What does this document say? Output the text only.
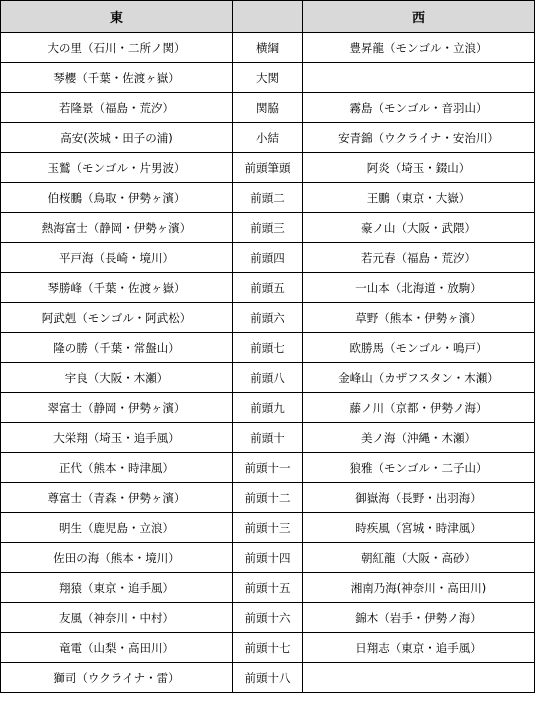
東		西
大の里（石川・二所ノ関）	横綱	豊昇龍（モンゴル・立浪）
琴櫻（千葉・佐渡ヶ嶽）	大関	
若隆景（福島・荒汐）	関脇	霧島（モンゴル・音羽山）
高安(茨城・田子の浦)	小結	安青錦（ウクライナ・安治川）
玉鷲（モンゴル・片男波）	前頭筆頭	阿炎（埼玉・錣山）
伯桜鵬（鳥取・伊勢ヶ濱）	前頭二	王鵬（東京・大嶽）
熱海富士（静岡・伊勢ヶ濱）	前頭三	豪ノ山（大阪・武隈）
平戸海（長崎・境川）	前頭四	若元春（福島・荒汐）
琴勝峰（千葉・佐渡ヶ嶽）	前頭五	一山本（北海道・放駒）
阿武剋（モンゴル・阿武松）	前頭六	草野（熊本・伊勢ヶ濱）
隆の勝（千葉・常盤山）	前頭七	欧勝馬（モンゴル・鳴戸）
宇良（大阪・木瀬）	前頭八	金峰山（カザフスタン・木瀬）
翠富士（静岡・伊勢ヶ濱）	前頭九	藤ノ川（京都・伊勢ノ海）
大栄翔（埼玉・追手風）	前頭十	美ノ海（沖縄・木瀬）
正代（熊本・時津風）	前頭十一	狼雅（モンゴル・二子山）
尊富士（青森・伊勢ヶ濱）	前頭十二	御嶽海（長野・出羽海）
明生（鹿児島・立浪）	前頭十三	時疾風（宮城・時津風）
佐田の海（熊本・境川）	前頭十四	朝紅龍（大阪・高砂）
翔猿（東京・追手風）	前頭十五	湘南乃海(神奈川・高田川)
友風（神奈川・中村）	前頭十六	錦木（岩手・伊勢ノ海）
竜電（山梨・高田川）	前頭十七	日翔志（東京・追手風）
獅司（ウクライナ・雷）	前頭十八	
